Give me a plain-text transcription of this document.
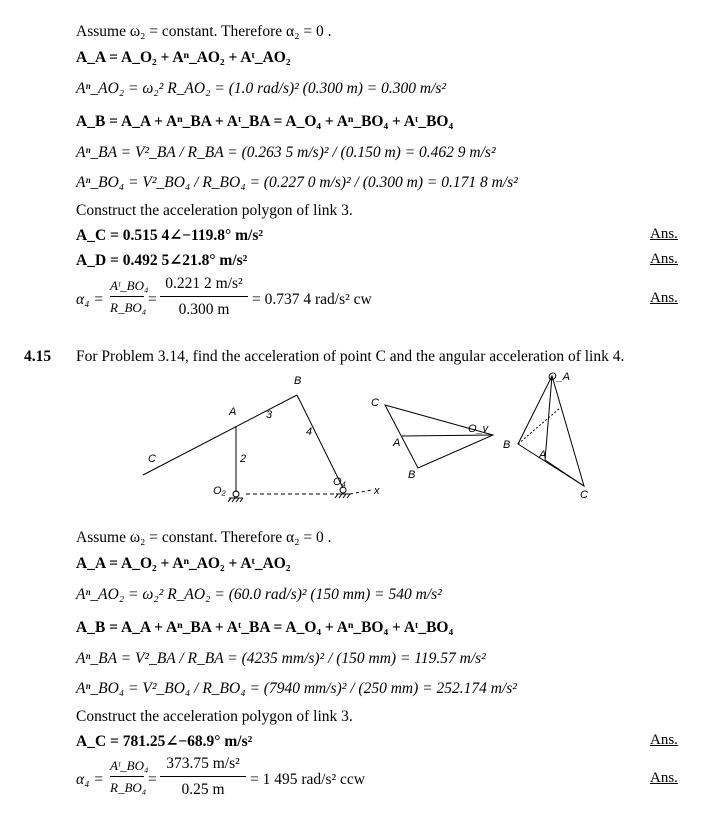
Assume ω₂ = constant. Therefore α₂ = 0 .
A_A = A_O₂ + Aⁿ_AO₂ + Aᵗ_AO₂
Aⁿ_AO₂ = ω₂² R_AO₂ = (1.0 rad/s)² (0.300 m) = 0.300 m/s²
A_B = A_A + Aⁿ_BA + Aᵗ_BA = A_O₄ + Aⁿ_BO₄ + Aᵗ_BO₄
Aⁿ_BA = V²_BA / R_BA = (0.263 5 m/s)² / (0.150 m) = 0.462 9 m/s²
Aⁿ_BO₄ = V²_BO₄ / R_BO₄ = (0.227 0 m/s)² / (0.300 m) = 0.171 8 m/s²
Construct the acceleration polygon of link 3.
A_C = 0.515 4∠−119.8° m/s²	Ans.
A_D = 0.492 5∠21.8° m/s²	Ans.
α₄ =
Aᵗ_BO₄
R_BO₄ =
0.221 2 m/s²
0.300 m
= 0.737 4 rad/s² cw	Ans.
4.15 For Problem 3.14, find the acceleration of point C and the angular acceleration of link 4.
B
A	3
4
C	2
O₂
O₄
x
C
A
B
O_v
O_A
B
A
C
Assume ω₂ = constant. Therefore α₂ = 0 .
A_A = A_O₂ + Aⁿ_AO₂ + Aᵗ_AO₂
Aⁿ_AO₂ = ω₂² R_AO₂ = (60.0 rad/s)² (150 mm) = 540 m/s²
A_B = A_A + Aⁿ_BA + Aᵗ_BA = A_O₄ + Aⁿ_BO₄ + Aᵗ_BO₄
Aⁿ_BA = V²_BA / R_BA = (4235 mm/s)² / (150 mm) = 119.57 m/s²
Aⁿ_BO₄ = V²_BO₄ / R_BO₄ = (7940 mm/s)² / (250 mm) = 252.174 m/s²
Construct the acceleration polygon of link 3.
A_C = 781.25∠−68.9° m/s²	Ans.
α₄ =
Aᵗ_BO₄
R_BO₄ =
373.75 m/s²
0.25 m
= 1 495 rad/s² ccw	Ans.
